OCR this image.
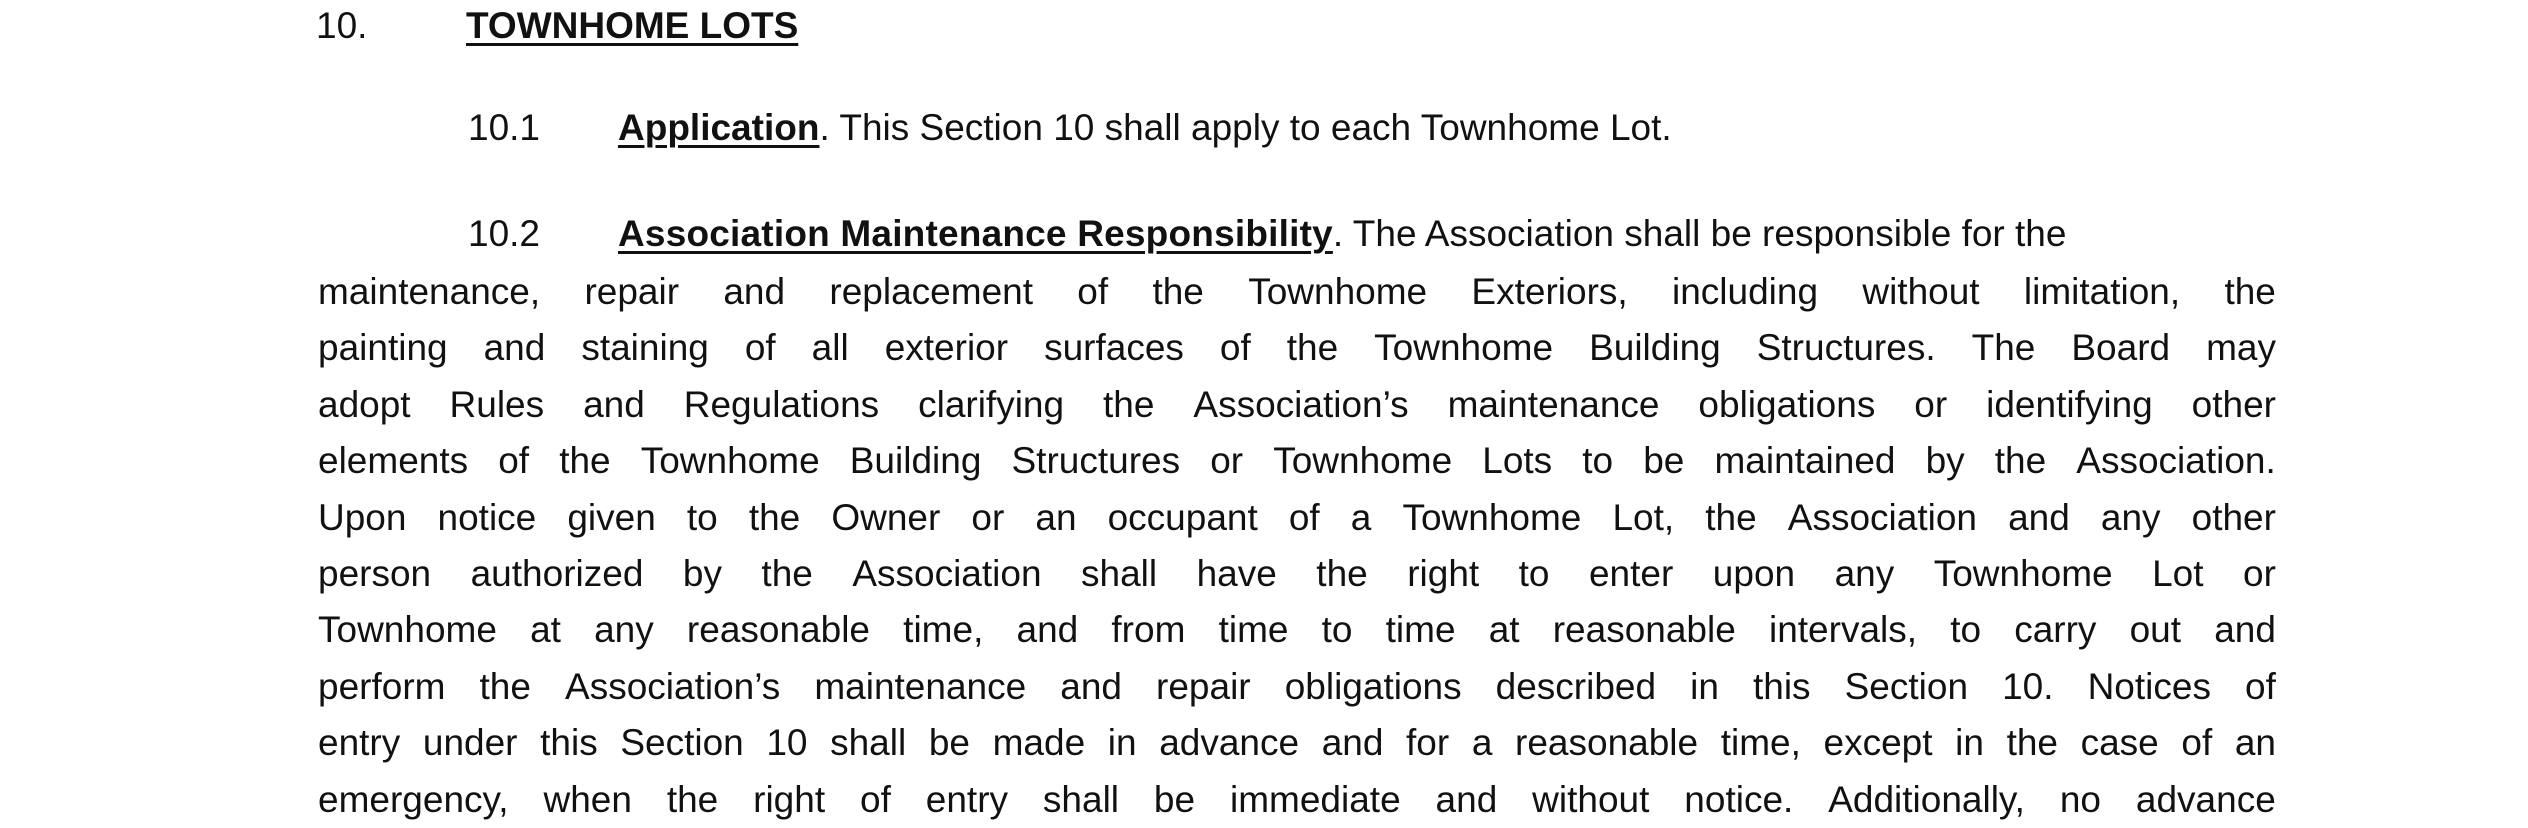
10.	TOWNHOME LOTS
10.1 Application. This Section 10 shall apply to each Townhome Lot.
10.2 Association Maintenance Responsibility. The Association shall be responsible for the
maintenance, repair and replacement of the Townhome Exteriors, including without limitation, the
painting and staining of all exterior surfaces of the Townhome Building Structures. The Board may
adopt Rules and Regulations clarifying the Association’s maintenance obligations or identifying other
elements of the Townhome Building Structures or Townhome Lots to be maintained by the Association.
Upon notice given to the Owner or an occupant of a Townhome Lot, the Association and any other
person authorized by the Association shall have the right to enter upon any Townhome Lot or
Townhome at any reasonable time, and from time to time at reasonable intervals, to carry out and
perform the Association’s maintenance and repair obligations described in this Section 10. Notices of
entry under this Section 10 shall be made in advance and for a reasonable time, except in the case of an
emergency, when the right of entry shall be immediate and without notice. Additionally, no advance
